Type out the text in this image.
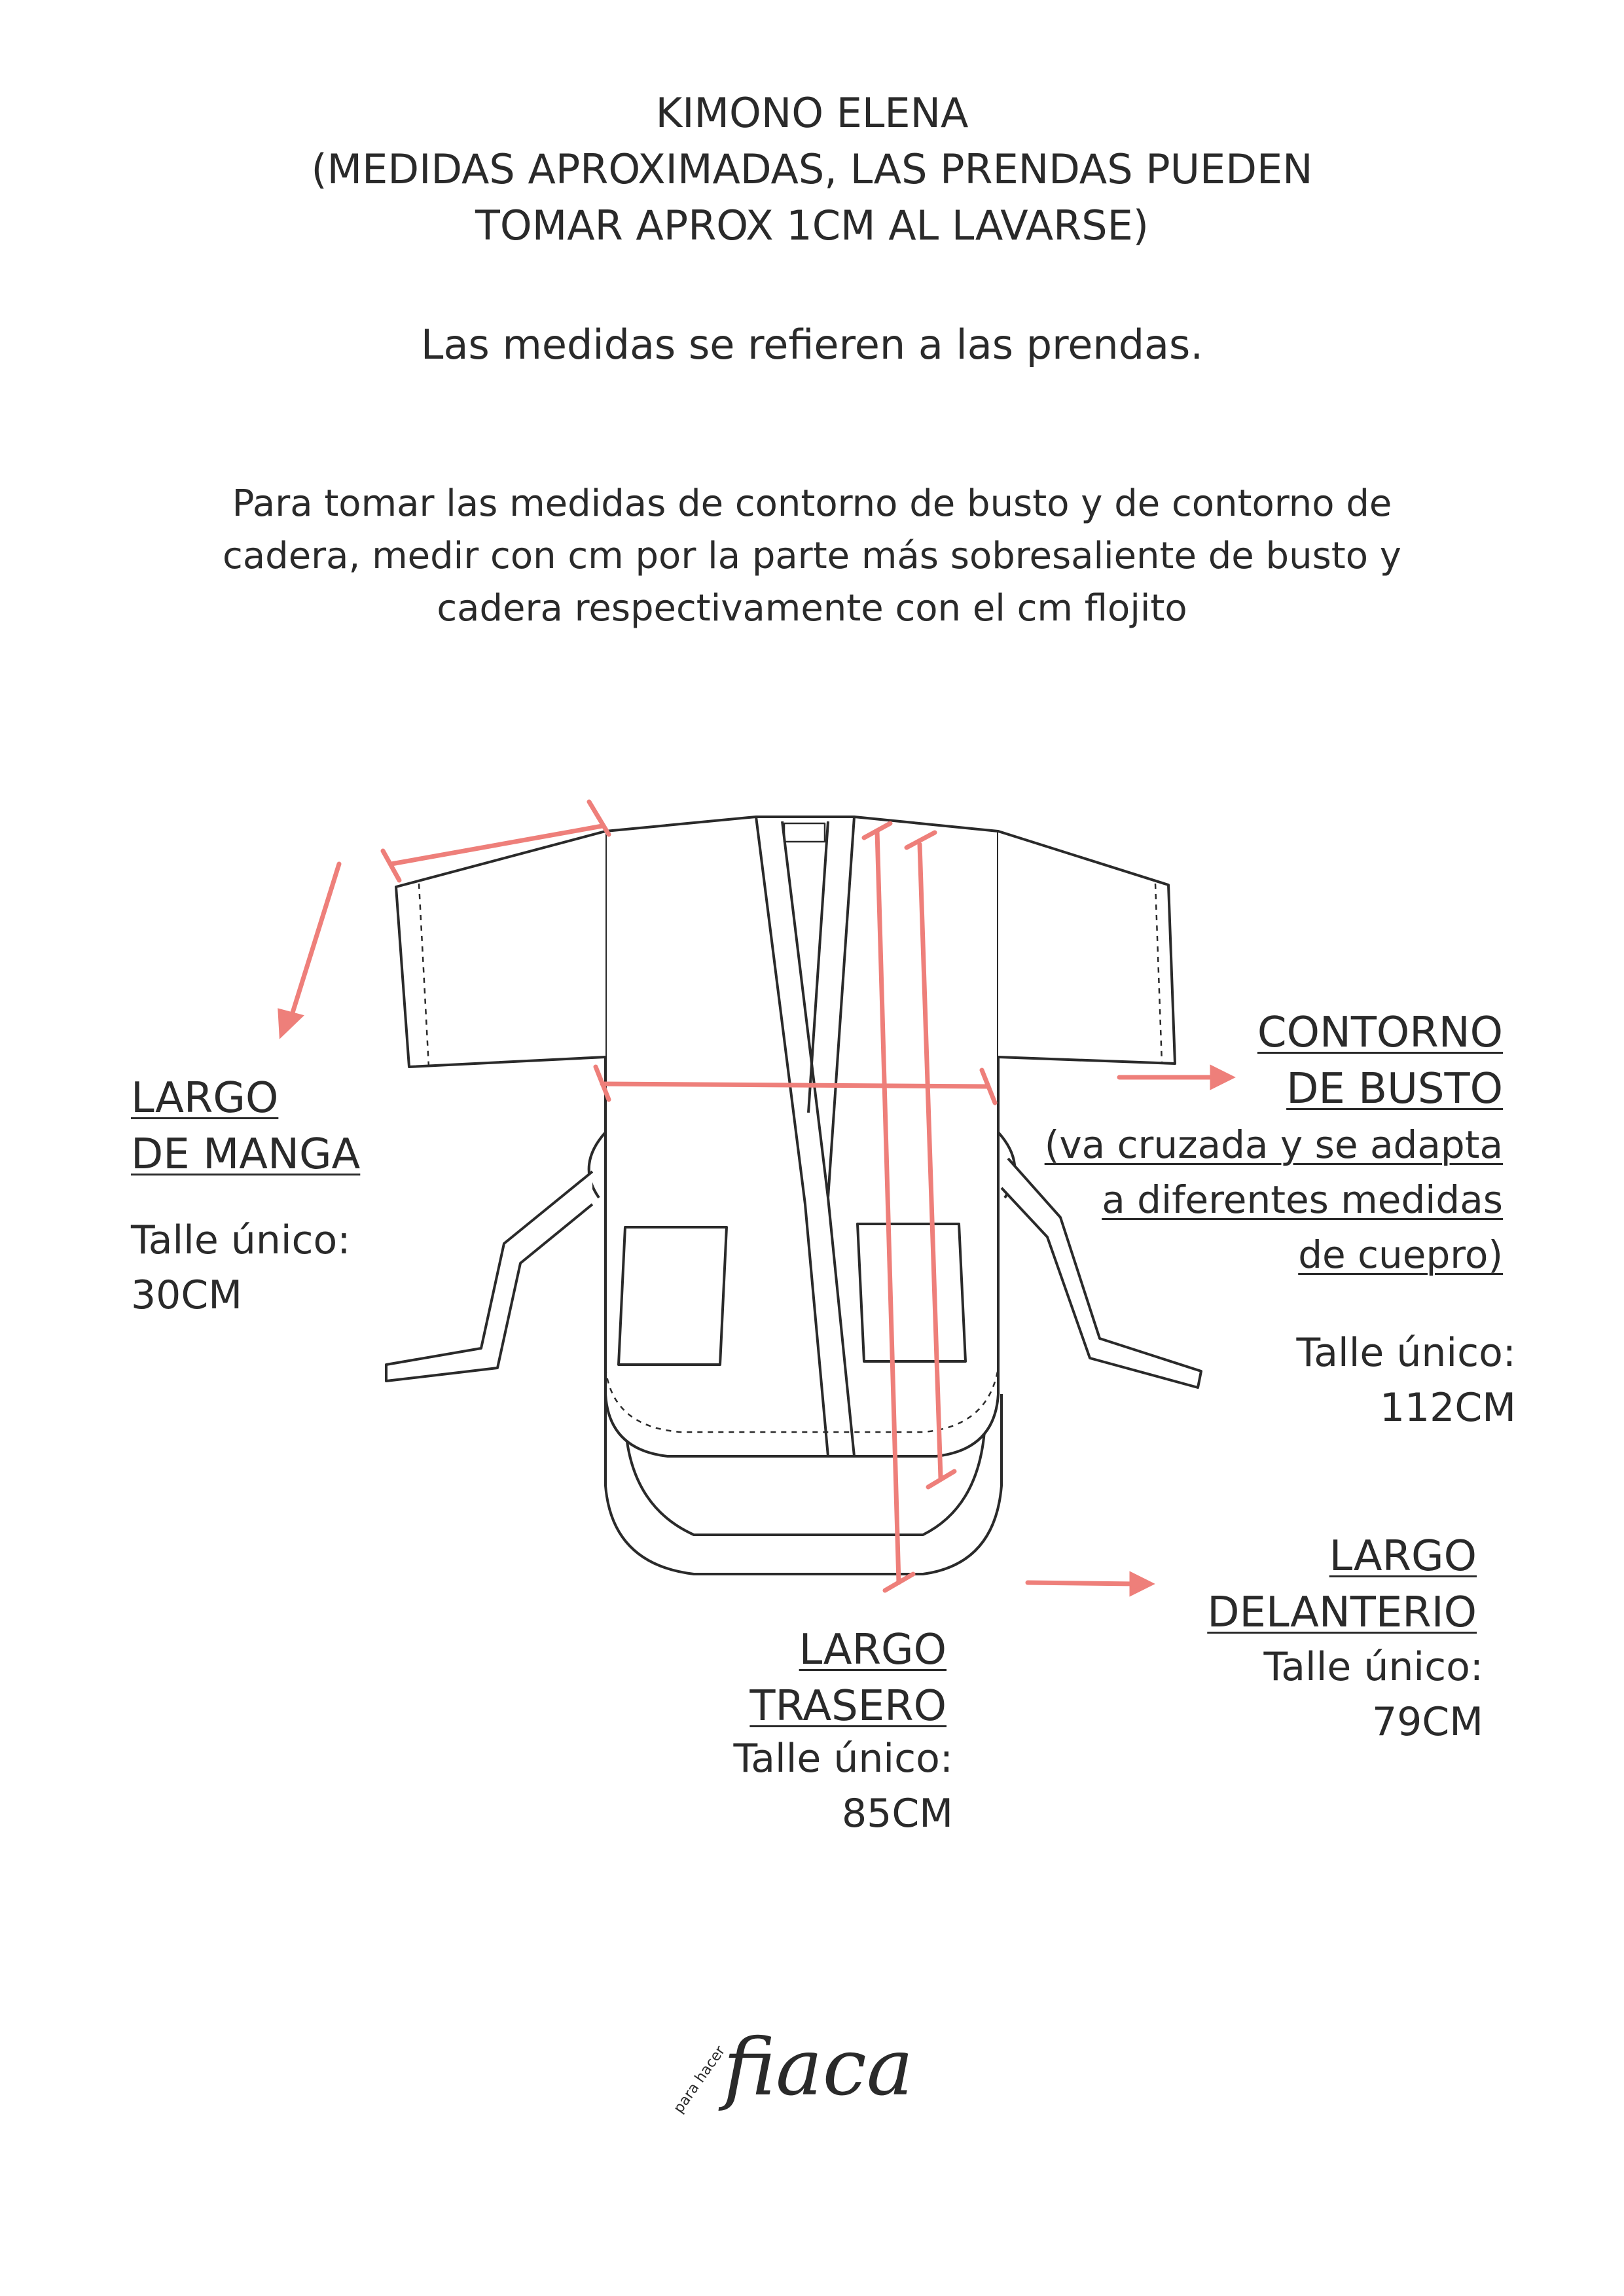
KIMONO ELENA
(MEDIDAS APROXIMADAS, LAS PRENDAS PUEDEN
TOMAR APROX 1CM AL LAVARSE)
Las medidas se refieren a las prendas.
Para tomar las medidas de contorno de busto y de contorno de
cadera, medir con cm por la parte más sobresaliente de busto y
cadera respectivamente con el cm flojito
LARGO
DE MANGA
Talle único:
30CM
CONTORNO
DE BUSTO
(va cruzada y se adapta
a diferentes medidas
de cuepro)
Talle único:
112CM
LARGO
DELANTERIO
Talle único:
79CM
LARGO
TRASERO
Talle único:
85CM
para hacer
fiaca
